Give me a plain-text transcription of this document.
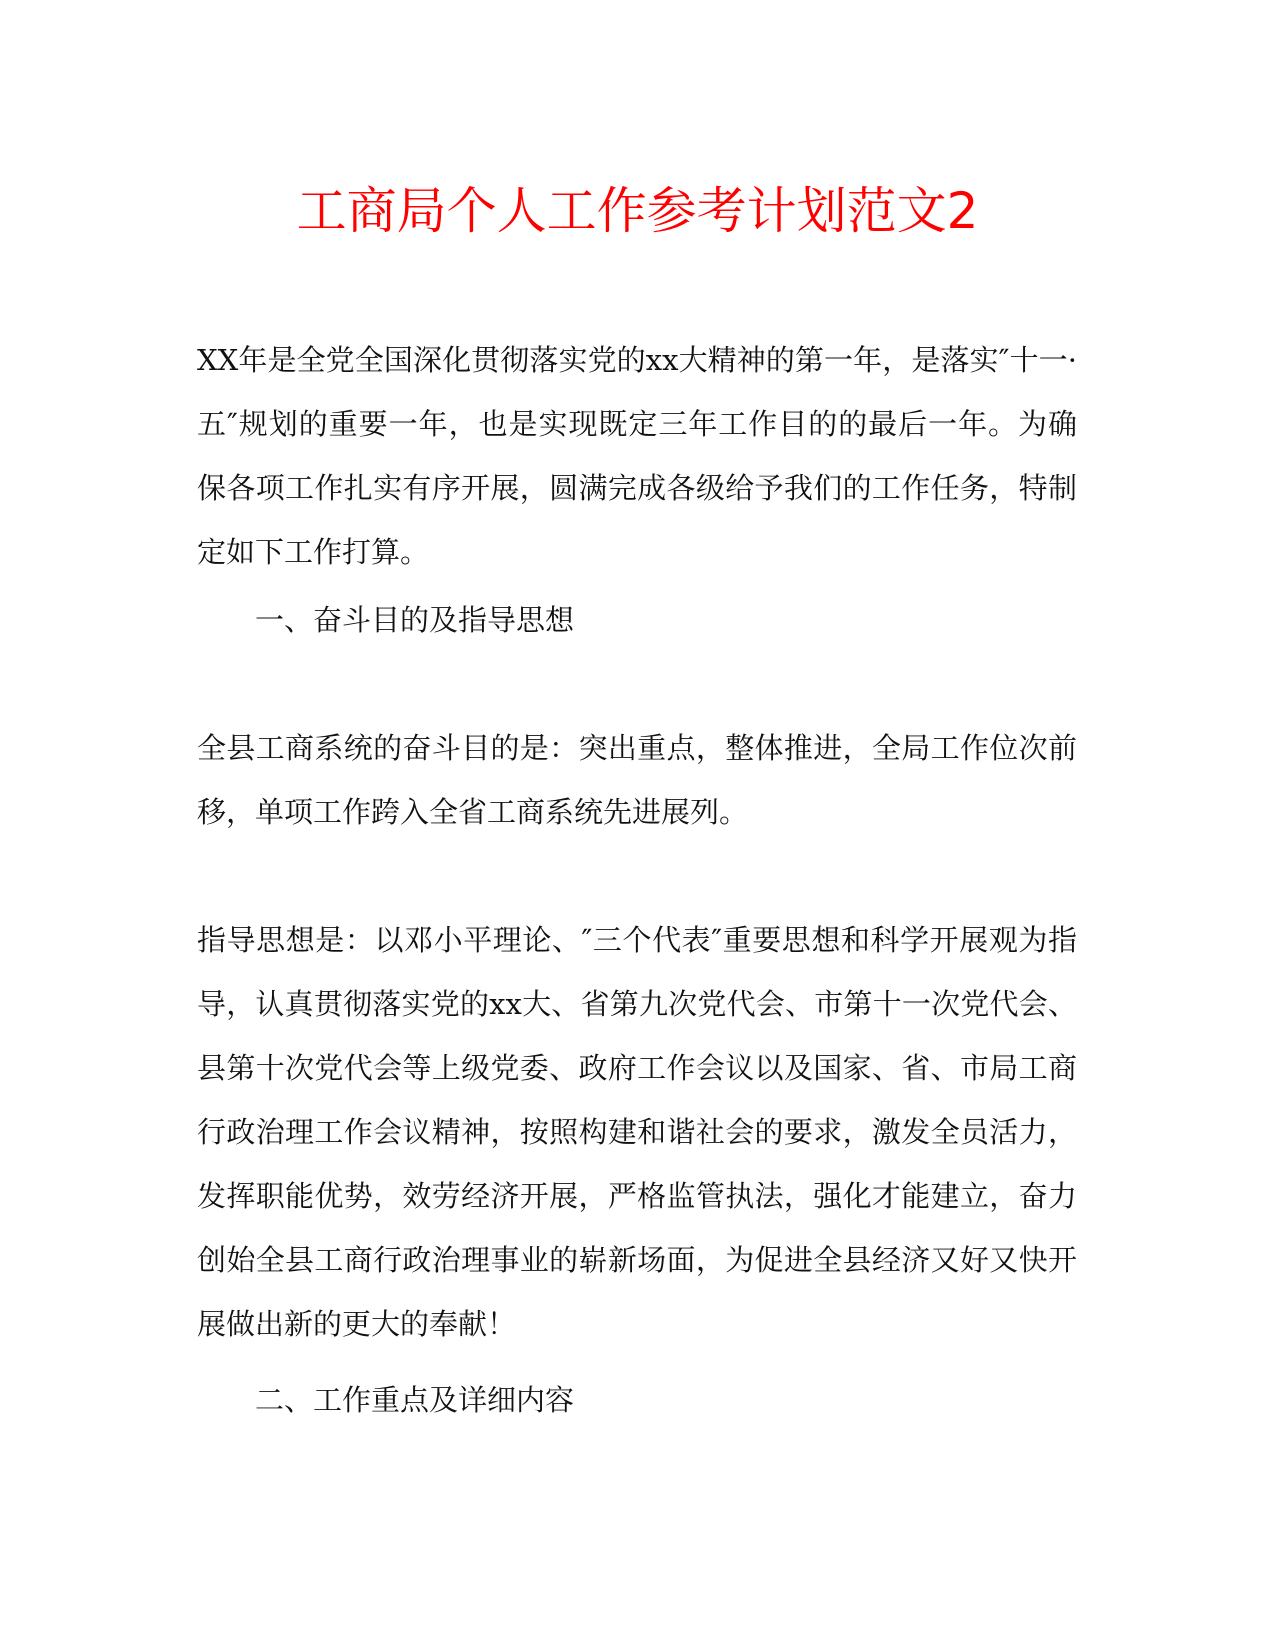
工商局个人工作参考计划范文2

XX年是全党全国深化贯彻落实党的xx大精神的第一年，是落实″十一·五″规划的重要一年，也是实现既定三年工作目的的最后一年。为确保各项工作扎实有序开展，圆满完成各级给予我们的工作任务，特制定如下工作打算。

一、奋斗目的及指导思想

全县工商系统的奋斗目的是：突出重点，整体推进，全局工作位次前移，单项工作跨入全省工商系统先进展列。

指导思想是：以邓小平理论、″三个代表″重要思想和科学开展观为指导，认真贯彻落实党的xx大、省第九次党代会、市第十一次党代会、县第十次党代会等上级党委、政府工作会议以及国家、省、市局工商行政治理工作会议精神，按照构建和谐社会的要求，激发全员活力，发挥职能优势，效劳经济开展，严格监管执法，强化才能建立，奋力创始全县工商行政治理事业的崭新场面，为促进全县经济又好又快开展做出新的更大的奉献！

二、工作重点及详细内容
